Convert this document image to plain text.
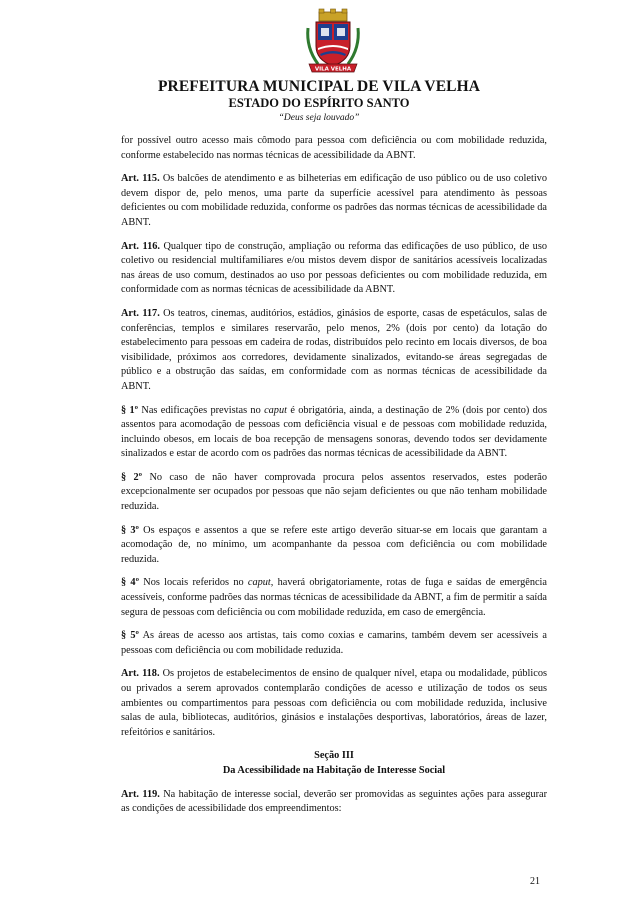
VILA VELHA
PREFEITURA MUNICIPAL DE VILA VELHA
ESTADO DO ESPÍRITO SANTO
“Deus seja louvado”

for possível outro acesso mais cômodo para pessoa com deficiência ou com mobilidade reduzida, conforme estabelecido nas normas técnicas de acessibilidade da ABNT.

Art. 115. Os balcões de atendimento e as bilheterias em edificação de uso público ou de uso coletivo devem dispor de, pelo menos, uma parte da superfície acessível para atendimento às pessoas deficientes ou com mobilidade reduzida, conforme os padrões das normas técnicas de acessibilidade da ABNT.

Art. 116. Qualquer tipo de construção, ampliação ou reforma das edificações de uso público, de uso coletivo ou residencial multifamiliares e/ou mistos devem dispor de sanitários acessíveis localizadas nas áreas de uso comum, destinados ao uso por pessoas deficientes ou com mobilidade reduzida, em conformidade com as normas técnicas de acessibilidade da ABNT.

Art. 117. Os teatros, cinemas, auditórios, estádios, ginásios de esporte, casas de espetáculos, salas de conferências, templos e similares reservarão, pelo menos, 2% (dois por cento) da lotação do estabelecimento para pessoas em cadeira de rodas, distribuídos pelo recinto em locais diversos, de boa visibilidade, próximos aos corredores, devidamente sinalizados, evitando-se áreas segregadas de público e a obstrução das saídas, em conformidade com as normas técnicas de acessibilidade da ABNT.

§ 1º Nas edificações previstas no caput é obrigatória, ainda, a destinação de 2% (dois por cento) dos assentos para acomodação de pessoas com deficiência visual e de pessoas com mobilidade reduzida, incluindo obesos, em locais de boa recepção de mensagens sonoras, devendo todos ser devidamente sinalizados e estar de acordo com os padrões das normas técnicas de acessibilidade da ABNT.

§ 2º No caso de não haver comprovada procura pelos assentos reservados, estes poderão excepcionalmente ser ocupados por pessoas que não sejam deficientes ou que não tenham mobilidade reduzida.

§ 3º Os espaços e assentos a que se refere este artigo deverão situar-se em locais que garantam a acomodação de, no mínimo, um acompanhante da pessoa com deficiência ou com mobilidade reduzida.

§ 4º Nos locais referidos no caput, haverá obrigatoriamente, rotas de fuga e saídas de emergência acessíveis, conforme padrões das normas técnicas de acessibilidade da ABNT, a fim de permitir a saída segura de pessoas com deficiência ou com mobilidade reduzida, em caso de emergência.

§ 5º As áreas de acesso aos artistas, tais como coxias e camarins, também devem ser acessíveis a pessoas com deficiência ou com mobilidade reduzida.

Art. 118. Os projetos de estabelecimentos de ensino de qualquer nível, etapa ou modalidade, públicos ou privados a serem aprovados contemplarão condições de acesso e utilização de todos os seus ambientes ou compartimentos para pessoas com deficiência ou com mobilidade reduzida, inclusive salas de aula, bibliotecas, auditórios, ginásios e instalações desportivas, laboratórios, áreas de lazer, refeitórios e sanitários.

Seção III
Da Acessibilidade na Habitação de Interesse Social

Art. 119. Na habitação de interesse social, deverão ser promovidas as seguintes ações para assegurar as condições de acessibilidade dos empreendimentos:

21
